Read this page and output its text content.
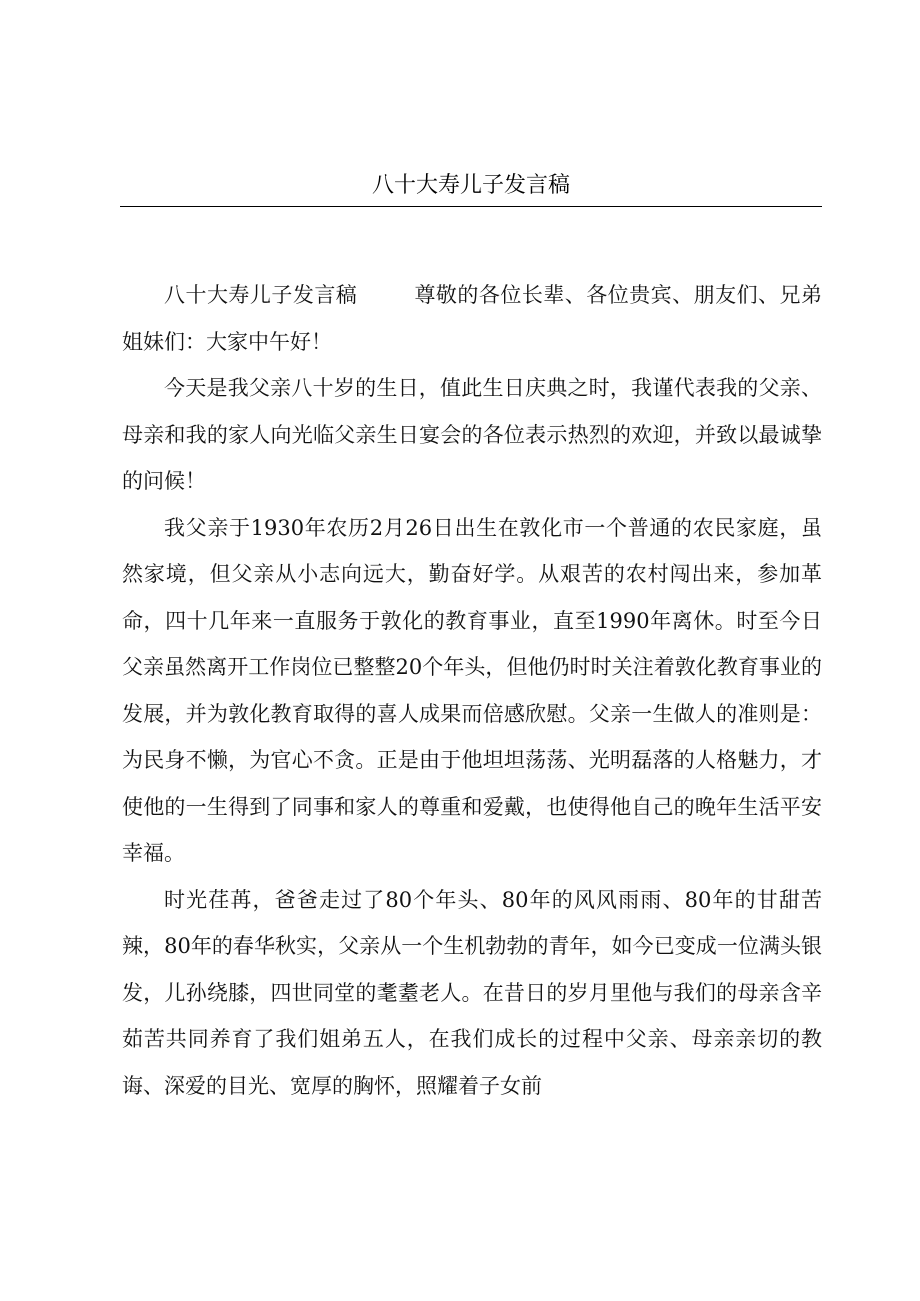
八十大寿儿子发言稿

八十大寿儿子发言稿        尊敬的各位长辈、各位贵宾、朋友们、兄弟姐妹们：大家中午好！

今天是我父亲八十岁的生日，值此生日庆典之时，我谨代表我的父亲、母亲和我的家人向光临父亲生日宴会的各位表示热烈的欢迎，并致以最诚挚的问候！

我父亲于1930年农历2月26日出生在敦化市一个普通的农民家庭，虽然家境，但父亲从小志向远大，勤奋好学。从艰苦的农村闯出来，参加革命，四十几年来一直服务于敦化的教育事业，直至1990年离休。时至今日父亲虽然离开工作岗位已整整20个年头，但他仍时时关注着敦化教育事业的发展，并为敦化教育取得的喜人成果而倍感欣慰。父亲一生做人的准则是：为民身不懒，为官心不贪。正是由于他坦坦荡荡、光明磊落的人格魅力，才使他的一生得到了同事和家人的尊重和爱戴，也使得他自己的晚年生活平安幸福。

时光荏苒，爸爸走过了80个年头、80年的风风雨雨、80年的甘甜苦辣，80年的春华秋实，父亲从一个生机勃勃的青年，如今已变成一位满头银发，儿孙绕膝，四世同堂的耄耋老人。在昔日的岁月里他与我们的母亲含辛茹苦共同养育了我们姐弟五人，在我们成长的过程中父亲、母亲亲切的教诲、深爱的目光、宽厚的胸怀，照耀着子女前
